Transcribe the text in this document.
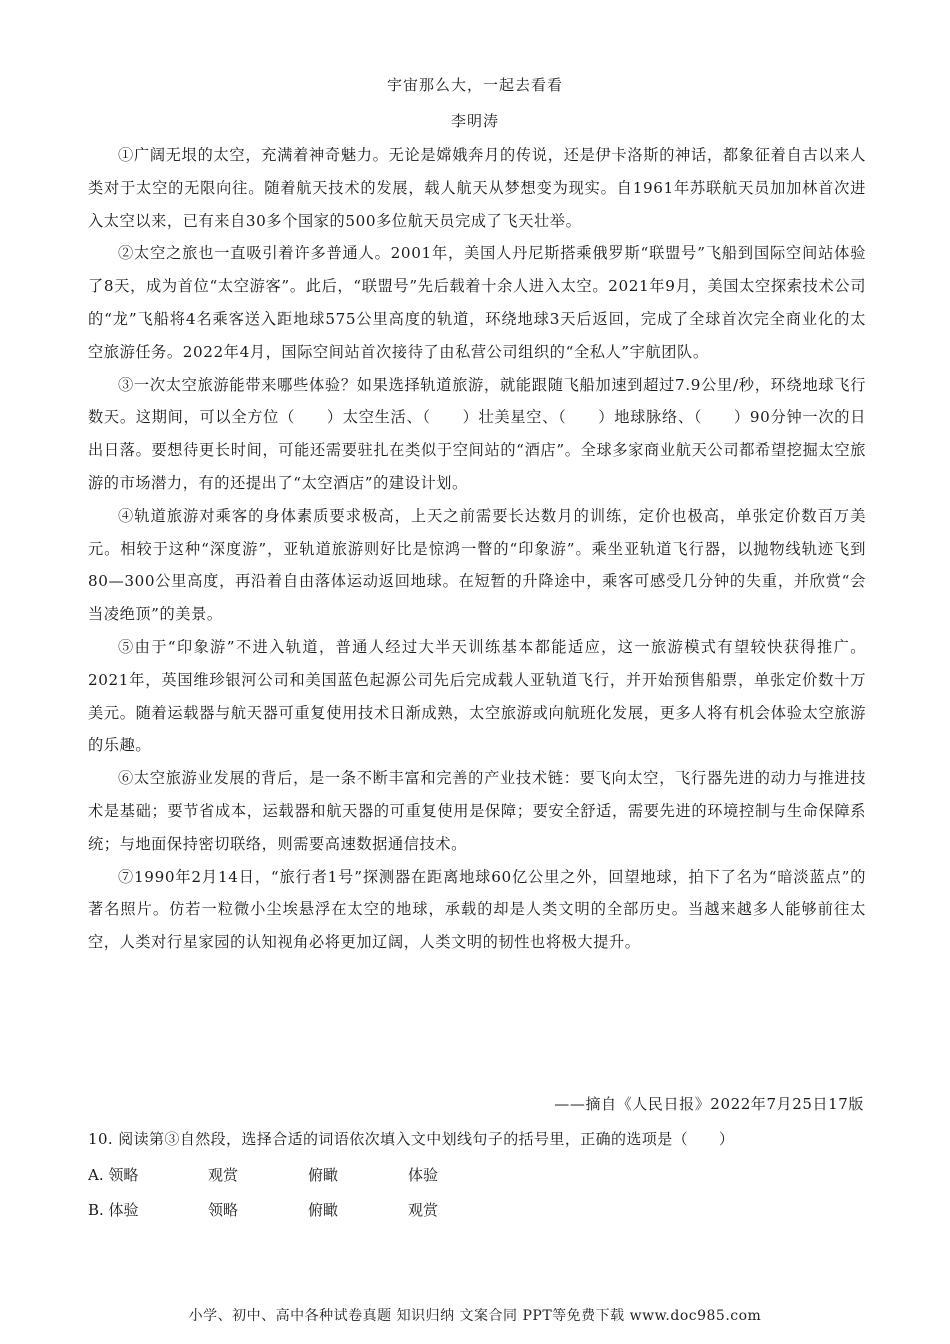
宇宙那么大，一起去看看
李明涛

①广阔无垠的太空，充满着神奇魅力。无论是嫦娥奔月的传说，还是伊卡洛斯的神话，都象征着自古以来人类对于太空的无限向往。随着航天技术的发展，载人航天从梦想变为现实。自1961年苏联航天员加加林首次进入太空以来，已有来自30多个国家的500多位航天员完成了飞天壮举。

②太空之旅也一直吸引着许多普通人。2001年，美国人丹尼斯搭乘俄罗斯“联盟号”飞船到国际空间站体验了8天，成为首位“太空游客”。此后，“联盟号”先后载着十余人进入太空。2021年9月，美国太空探索技术公司的“龙”飞船将4名乘客送入距地球575公里高度的轨道，环绕地球3天后返回，完成了全球首次完全商业化的太空旅游任务。2022年4月，国际空间站首次接待了由私营公司组织的“全私人”宇航团队。

③一次太空旅游能带来哪些体验？如果选择轨道旅游，就能跟随飞船加速到超过7.9公里/秒，环绕地球飞行数天。这期间，可以全方位（　　）太空生活、（　　）壮美星空、（　　）地球脉络、（　　）90分钟一次的日出日落。要想待更长时间，可能还需要驻扎在类似于空间站的“酒店”。全球多家商业航天公司都希望挖掘太空旅游的市场潜力，有的还提出了“太空酒店”的建设计划。

④轨道旅游对乘客的身体素质要求极高，上天之前需要长达数月的训练，定价也极高，单张定价数百万美元。相较于这种“深度游”，亚轨道旅游则好比是惊鸿一瞥的“印象游”。乘坐亚轨道飞行器，以抛物线轨迹飞到80—300公里高度，再沿着自由落体运动返回地球。在短暂的升降途中，乘客可感受几分钟的失重，并欣赏“会当凌绝顶”的美景。

⑤由于“印象游”不进入轨道，普通人经过大半天训练基本都能适应，这一旅游模式有望较快获得推广。2021年，英国维珍银河公司和美国蓝色起源公司先后完成载人亚轨道飞行，并开始预售船票，单张定价数十万美元。随着运载器与航天器可重复使用技术日渐成熟，太空旅游或向航班化发展，更多人将有机会体验太空旅游的乐趣。

⑥太空旅游业发展的背后，是一条不断丰富和完善的产业技术链：要飞向太空，飞行器先进的动力与推进技术是基础；要节省成本，运载器和航天器的可重复使用是保障；要安全舒适，需要先进的环境控制与生命保障系统；与地面保持密切联络，则需要高速数据通信技术。

⑦1990年2月14日，“旅行者1号”探测器在距离地球60亿公里之外，回望地球，拍下了名为“暗淡蓝点”的著名照片。仿若一粒微小尘埃悬浮在太空的地球，承载的却是人类文明的全部历史。当越来越多人能够前往太空，人类对行星家园的认知视角必将更加辽阔，人类文明的韧性也将极大提升。

——摘自《人民日报》2022年7月25日17版
10. 阅读第③自然段，选择合适的词语依次填入文中划线句子的括号里，正确的选项是（　　）
A. 领略	观赏	俯瞰	体验
B. 体验	领略	俯瞰	观赏
小学、初中、高中各种试卷真题 知识归纳 文案合同 PPT等免费下载 www.doc985.com
